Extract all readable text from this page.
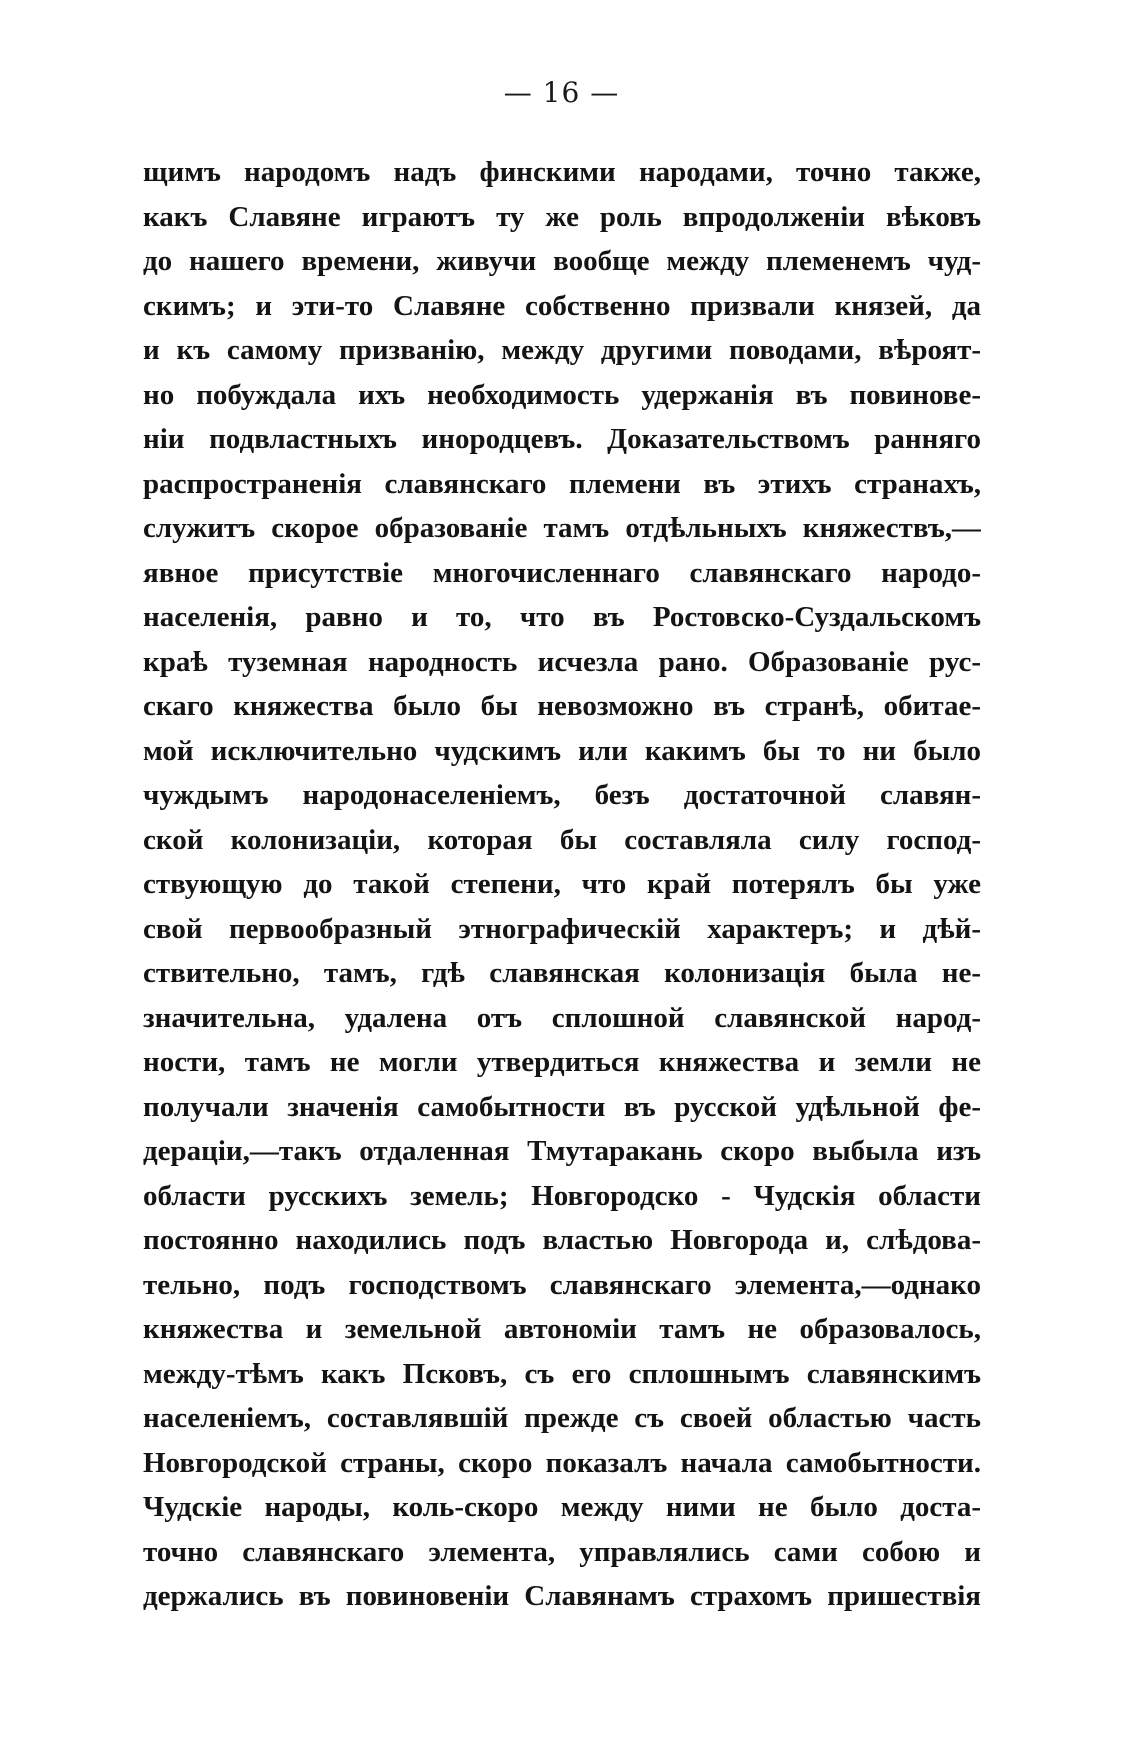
— 16 —
щимъ народомъ надъ финскими народами, точно также,
какъ Славяне играютъ ту же роль впродолженіи вѣковъ
до нашего времени, живучи вообще между племенемъ чуд-
скимъ; и эти-то Славяне собственно призвали князей, да
и къ самому призванію, между другими поводами, вѣроят-
но побуждала ихъ необходимость удержанія въ повинове-
ніи подвластныхъ инородцевъ. Доказательствомъ ранняго
распространенія славянскаго племени въ этихъ странахъ,
служитъ скорое образованіе тамъ отдѣльныхъ княжествъ,—
явное присутствіе многочисленнаго славянскаго народо-
населенія, равно и то, что въ Ростовско-Суздальскомъ
краѣ туземная народность исчезла рано. Образованіе рус-
скаго княжества было бы невозможно въ странѣ, обитае-
мой исключительно чудскимъ или какимъ бы то ни было
чуждымъ народонаселеніемъ, безъ достаточной славян-
ской колонизаціи, которая бы составляла силу господ-
ствующую до такой степени, что край потерялъ бы уже
свой первообразный этнографическій характеръ; и дѣй-
ствительно, тамъ, гдѣ славянская колонизація была не-
значительна, удалена отъ сплошной славянской народ-
ности, тамъ не могли утвердиться княжества и земли не
получали значенія самобытности въ русской удѣльной фе-
дераціи,—такъ отдаленная Тмутаракань скоро выбыла изъ
области русскихъ земель; Новгородско - Чудскія области
постоянно находились подъ властью Новгорода и, слѣдова-
тельно, подъ господствомъ славянскаго элемента,—однако
княжества и земельной автономіи тамъ не образовалось,
между-тѣмъ какъ Псковъ, съ его сплошнымъ славянскимъ
населеніемъ, составлявшій прежде съ своей областью часть
Новгородской страны, скоро показалъ начала самобытности.
Чудскіе народы, коль-скоро между ними не было доста-
точно славянскаго элемента, управлялись сами собою и
держались въ повиновеніи Славянамъ страхомъ пришествія
